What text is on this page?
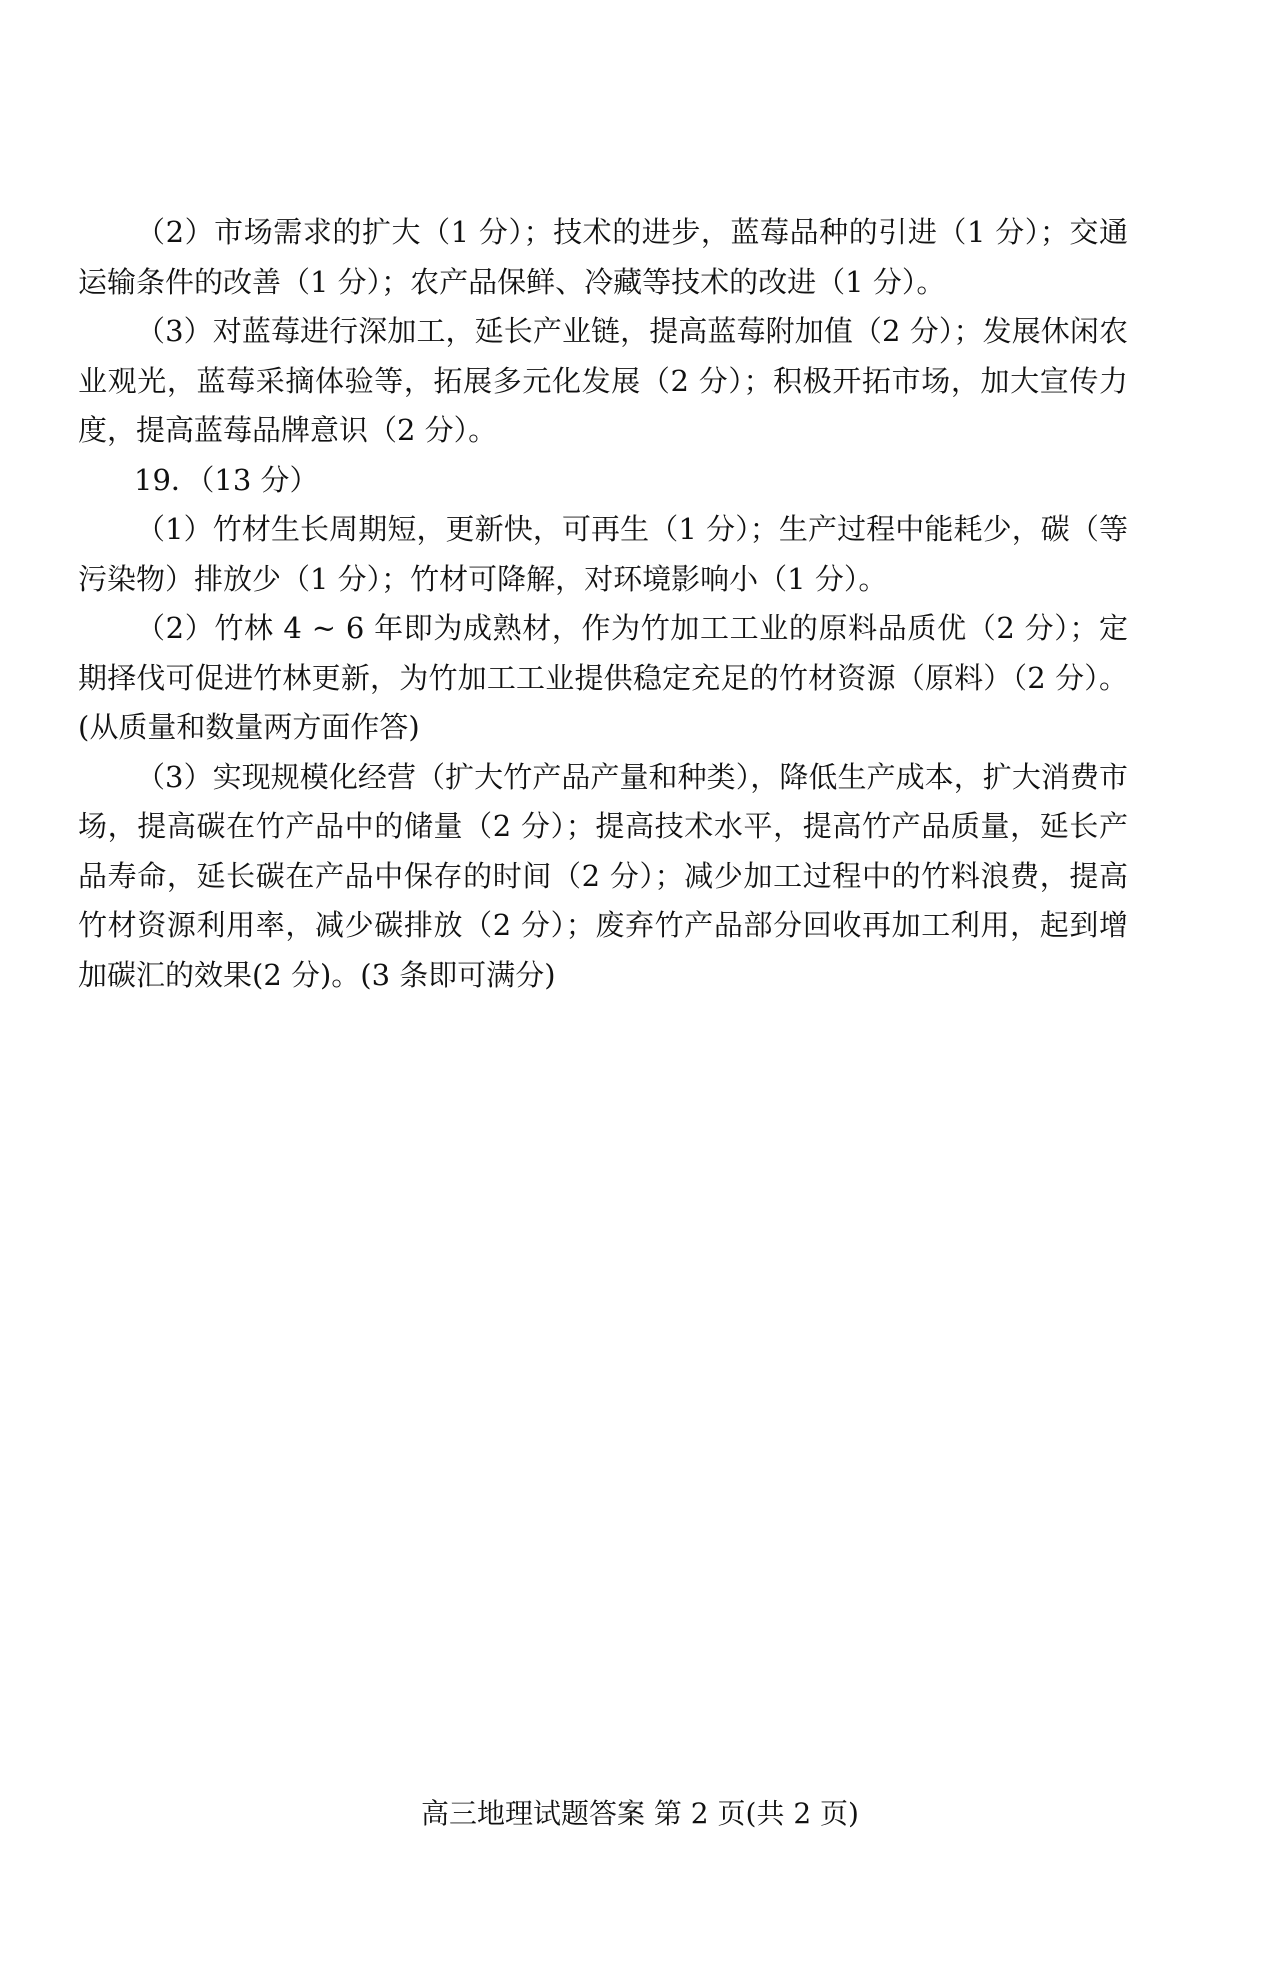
（2）市场需求的扩大（1 分）；技术的进步，蓝莓品种的引进（1 分）；交通运输条件的改善（1 分）；农产品保鲜、冷藏等技术的改进（1 分）。

（3）对蓝莓进行深加工，延长产业链，提高蓝莓附加值（2 分）；发展休闲农业观光，蓝莓采摘体验等，拓展多元化发展（2 分）；积极开拓市场，加大宣传力度，提高蓝莓品牌意识（2 分）。

19．（13 分）

（1）竹材生长周期短，更新快，可再生（1 分）；生产过程中能耗少，碳（等污染物）排放少（1 分）；竹材可降解，对环境影响小（1 分）。

（2）竹林 4 ~ 6 年即为成熟材，作为竹加工工业的原料品质优（2 分）；定期择伐可促进竹林更新，为竹加工工业提供稳定充足的竹材资源（原料）（2 分）。(从质量和数量两方面作答)

（3）实现规模化经营（扩大竹产品产量和种类），降低生产成本，扩大消费市场，提高碳在竹产品中的储量（2 分）；提高技术水平，提高竹产品质量，延长产品寿命，延长碳在产品中保存的时间（2 分）；减少加工过程中的竹料浪费，提高竹材资源利用率，减少碳排放（2 分）；废弃竹产品部分回收再加工利用，起到增加碳汇的效果(2 分)。(3 条即可满分)

高三地理试题答案 第 2 页(共 2 页)
